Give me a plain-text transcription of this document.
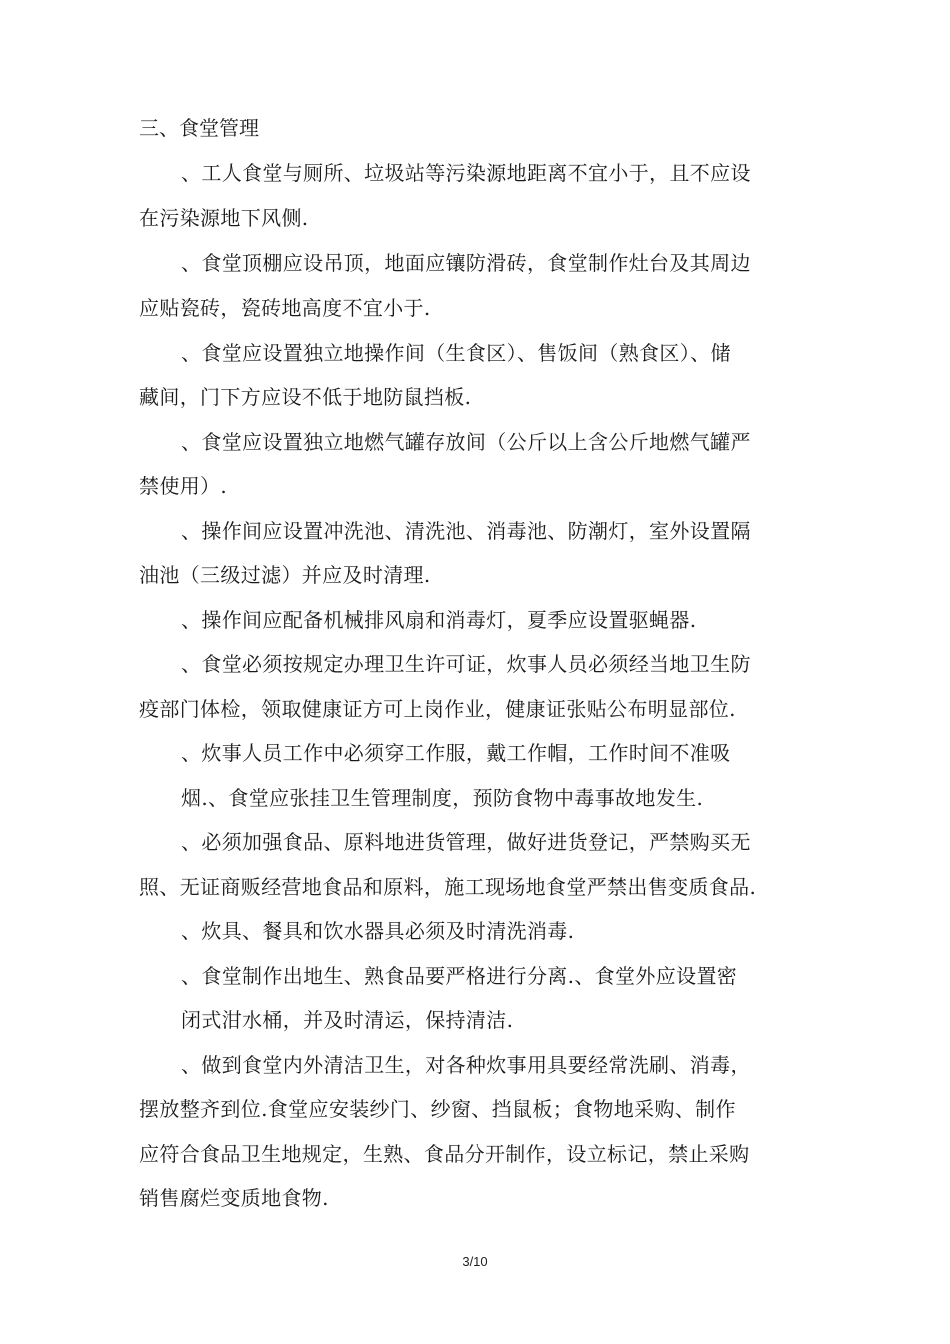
三、食堂管理
、工人食堂与厕所、垃圾站等污染源地距离不宜小于，且不应设
在污染源地下风侧.
、食堂顶棚应设吊顶，地面应镶防滑砖，食堂制作灶台及其周边
应贴瓷砖，瓷砖地高度不宜小于.
、食堂应设置独立地操作间（生食区）、售饭间（熟食区）、储
藏间，门下方应设不低于地防鼠挡板.
、食堂应设置独立地燃气罐存放间（公斤以上含公斤地燃气罐严
禁使用）.
、操作间应设置冲洗池、清洗池、消毒池、防潮灯，室外设置隔
油池（三级过滤）并应及时清理.
、操作间应配备机械排风扇和消毒灯，夏季应设置驱蝇器.
、食堂必须按规定办理卫生许可证，炊事人员必须经当地卫生防
疫部门体检，领取健康证方可上岗作业，健康证张贴公布明显部位.
、炊事人员工作中必须穿工作服，戴工作帽，工作时间不准吸
烟.、食堂应张挂卫生管理制度，预防食物中毒事故地发生.
、必须加强食品、原料地进货管理，做好进货登记，严禁购买无
照、无证商贩经营地食品和原料，施工现场地食堂严禁出售变质食品.
、炊具、餐具和饮水器具必须及时清洗消毒.
、食堂制作出地生、熟食品要严格进行分离.、食堂外应设置密
闭式泔水桶，并及时清运，保持清洁.
、做到食堂内外清洁卫生，对各种炊事用具要经常洗刷、消毒，
摆放整齐到位.食堂应安装纱门、纱窗、挡鼠板；食物地采购、制作
应符合食品卫生地规定，生熟、食品分开制作，设立标记，禁止采购
销售腐烂变质地食物.
3/10
